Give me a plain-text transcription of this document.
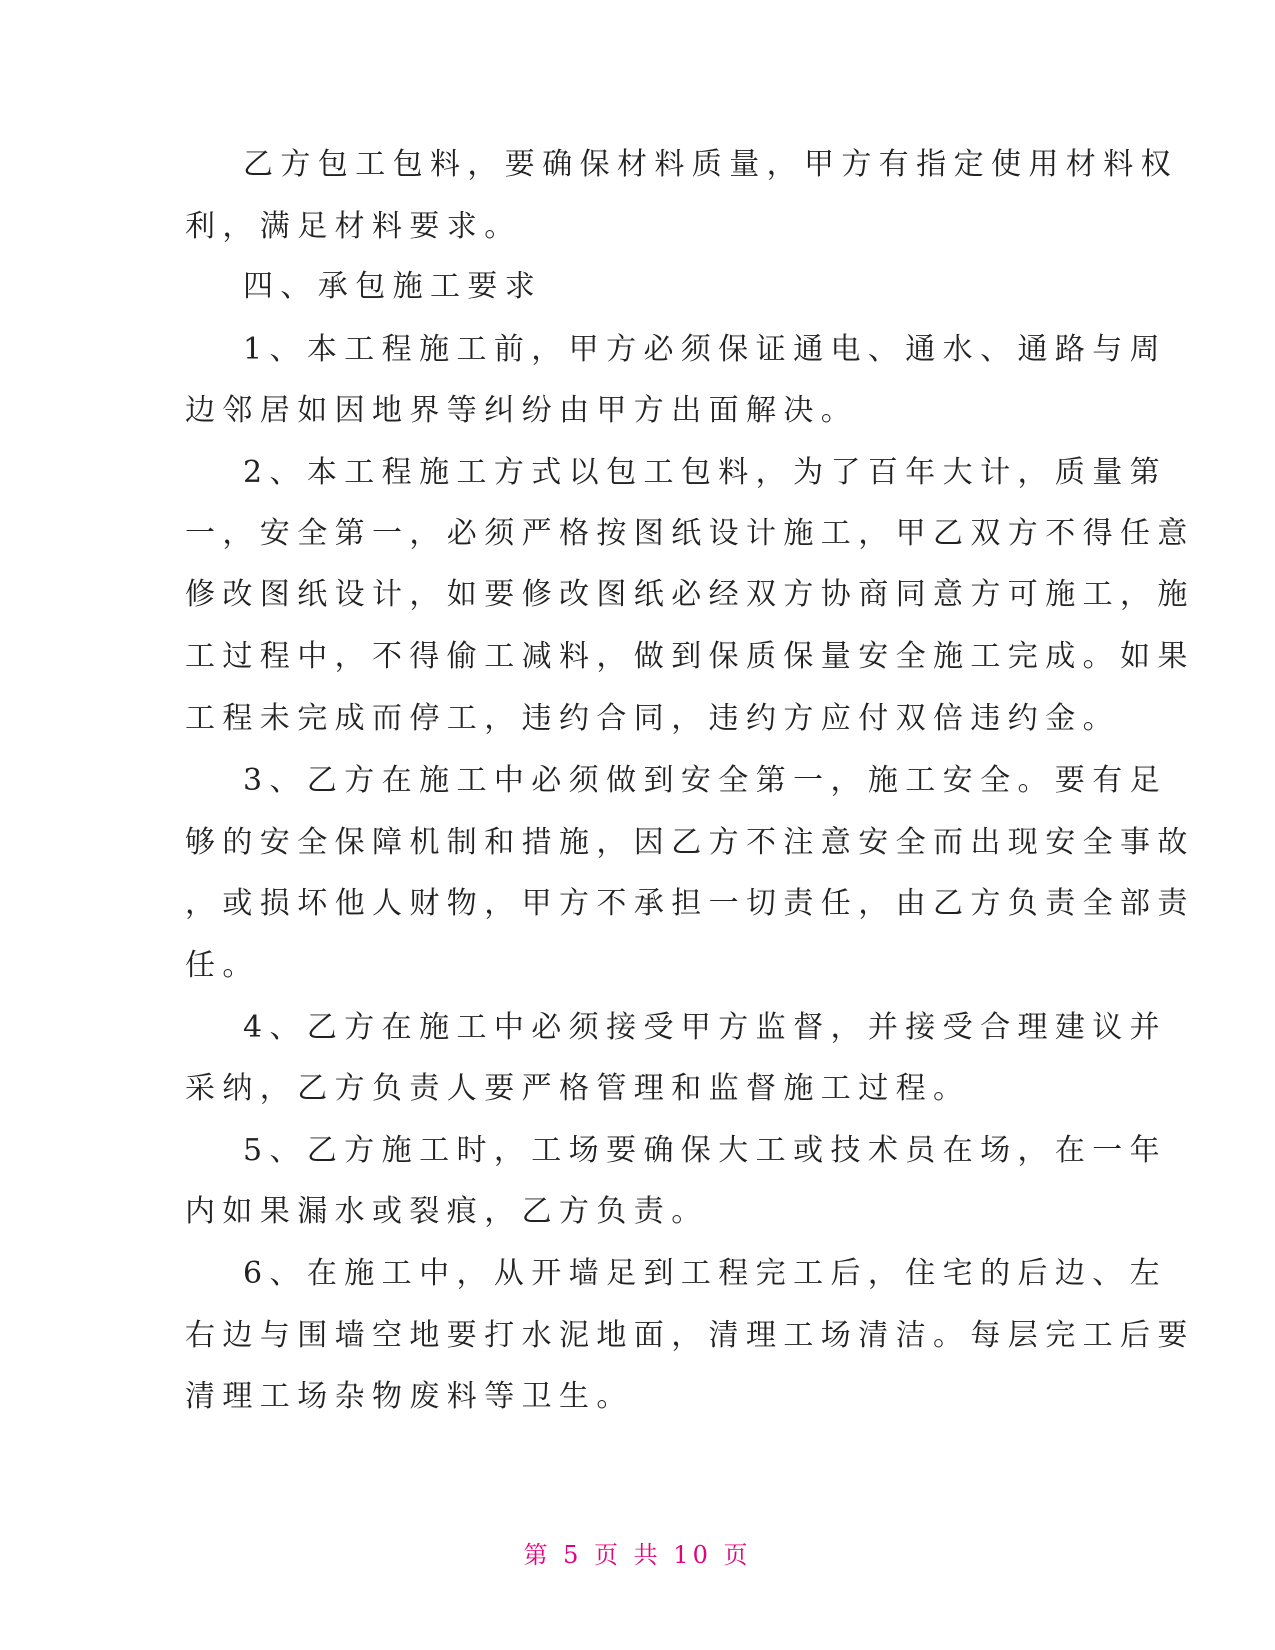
乙方包工包料，要确保材料质量，甲方有指定使用材料权
利，满足材料要求。
四、承包施工要求
1、本工程施工前，甲方必须保证通电、通水、通路与周
边邻居如因地界等纠纷由甲方出面解决。
2、本工程施工方式以包工包料，为了百年大计，质量第
一，安全第一，必须严格按图纸设计施工，甲乙双方不得任意
修改图纸设计，如要修改图纸必经双方协商同意方可施工，施
工过程中，不得偷工减料，做到保质保量安全施工完成。如果
工程未完成而停工，违约合同，违约方应付双倍违约金。
3、乙方在施工中必须做到安全第一，施工安全。要有足
够的安全保障机制和措施，因乙方不注意安全而出现安全事故
，或损坏他人财物，甲方不承担一切责任，由乙方负责全部责
任。
4、乙方在施工中必须接受甲方监督，并接受合理建议并
采纳，乙方负责人要严格管理和监督施工过程。
5、乙方施工时，工场要确保大工或技术员在场，在一年
内如果漏水或裂痕，乙方负责。
6、在施工中，从开墙足到工程完工后，住宅的后边、左
右边与围墙空地要打水泥地面，清理工场清洁。每层完工后要
清理工场杂物废料等卫生。
第 5 页 共 10 页
